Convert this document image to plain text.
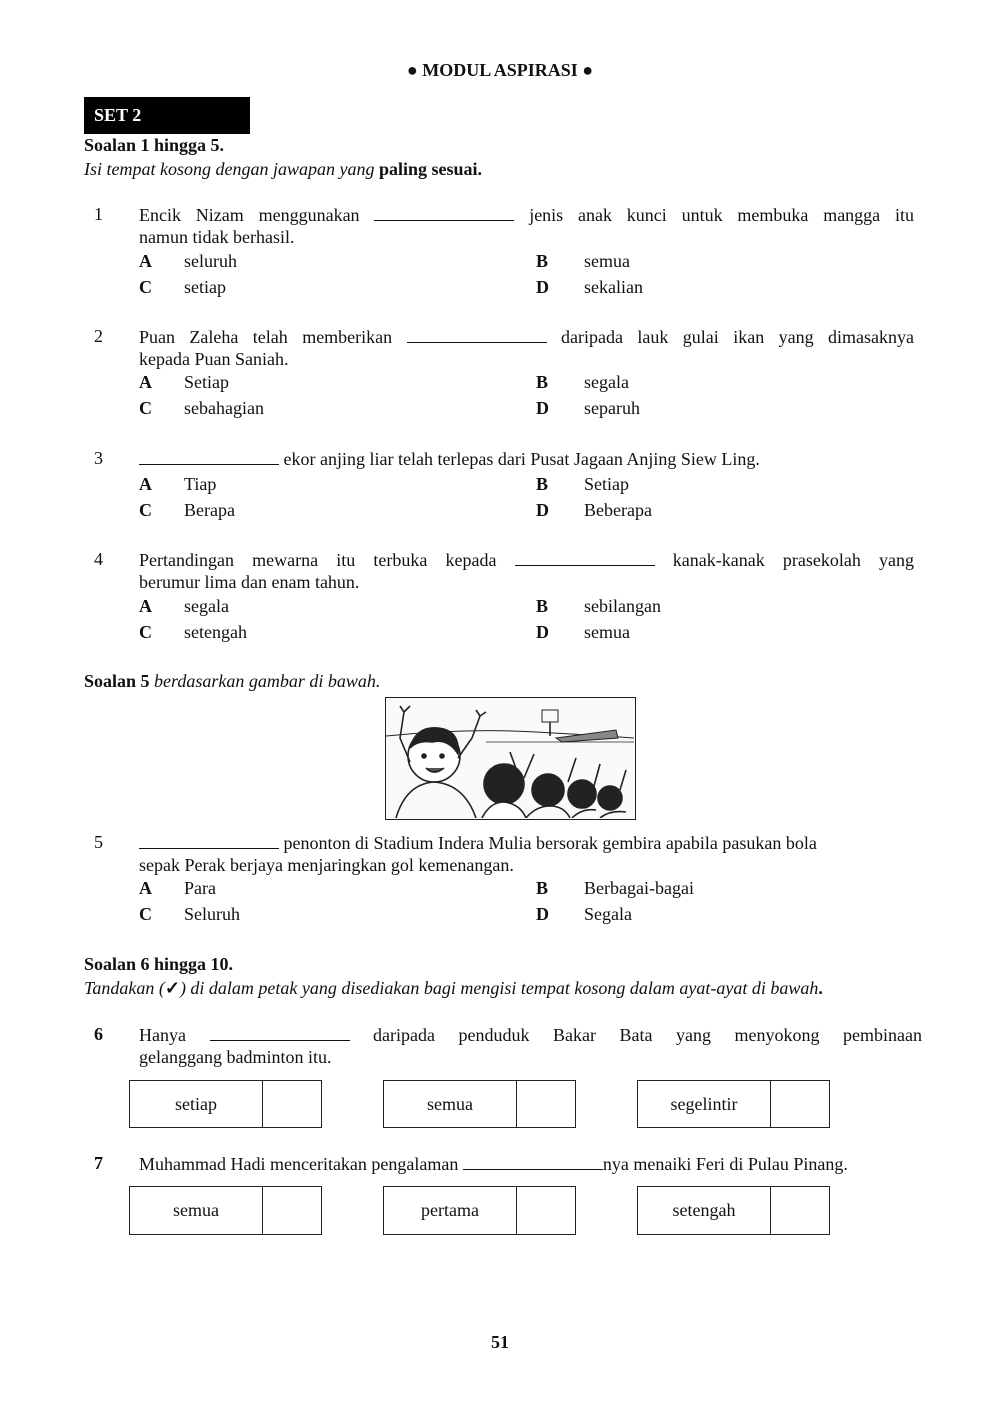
● MODUL ASPIRASI ●
SET 2
Soalan 1 hingga 5.
Isi tempat kosong dengan jawapan yang paling sesuai.
1 Encik Nizam menggunakan	jenis anak kunci untuk membuka mangga itu
namun tidak berhasil.
A seluruh	B semua
C setiap	D sekalian
2 Puan Zaleha telah memberikan	daripada lauk gulai ikan yang dimasaknya
kepada Puan Saniah.
A Setiap	B segala
C sebahagian	D separuh
3	ekor anjing liar telah terlepas dari Pusat Jagaan Anjing Siew Ling.
A Tiap	B Setiap
C Berapa	D Beberapa
4 Pertandingan mewarna itu terbuka kepada	kanak-kanak prasekolah yang
berumur lima dan enam tahun.
A segala	B sebilangan
C setengah	D semua
Soalan 5 berdasarkan gambar di bawah.
5	penonton di Stadium Indera Mulia bersorak gembira apabila pasukan bola
sepak Perak berjaya menjaringkan gol kemenangan.
A Para	B Berbagai-bagai
C Seluruh	D Segala
Soalan 6 hingga 10.
Tandakan (✓) di dalam petak yang disediakan bagi mengisi tempat kosong dalam ayat-ayat di bawah.
6 Hanya	daripada penduduk Bakar Bata yang menyokong pembinaan
gelanggang badminton itu.
setiap	semua	segelintir
7 Muhammad Hadi menceritakan pengalaman	nya menaiki Feri di Pulau Pinang.
semua	pertama	setengah
51
